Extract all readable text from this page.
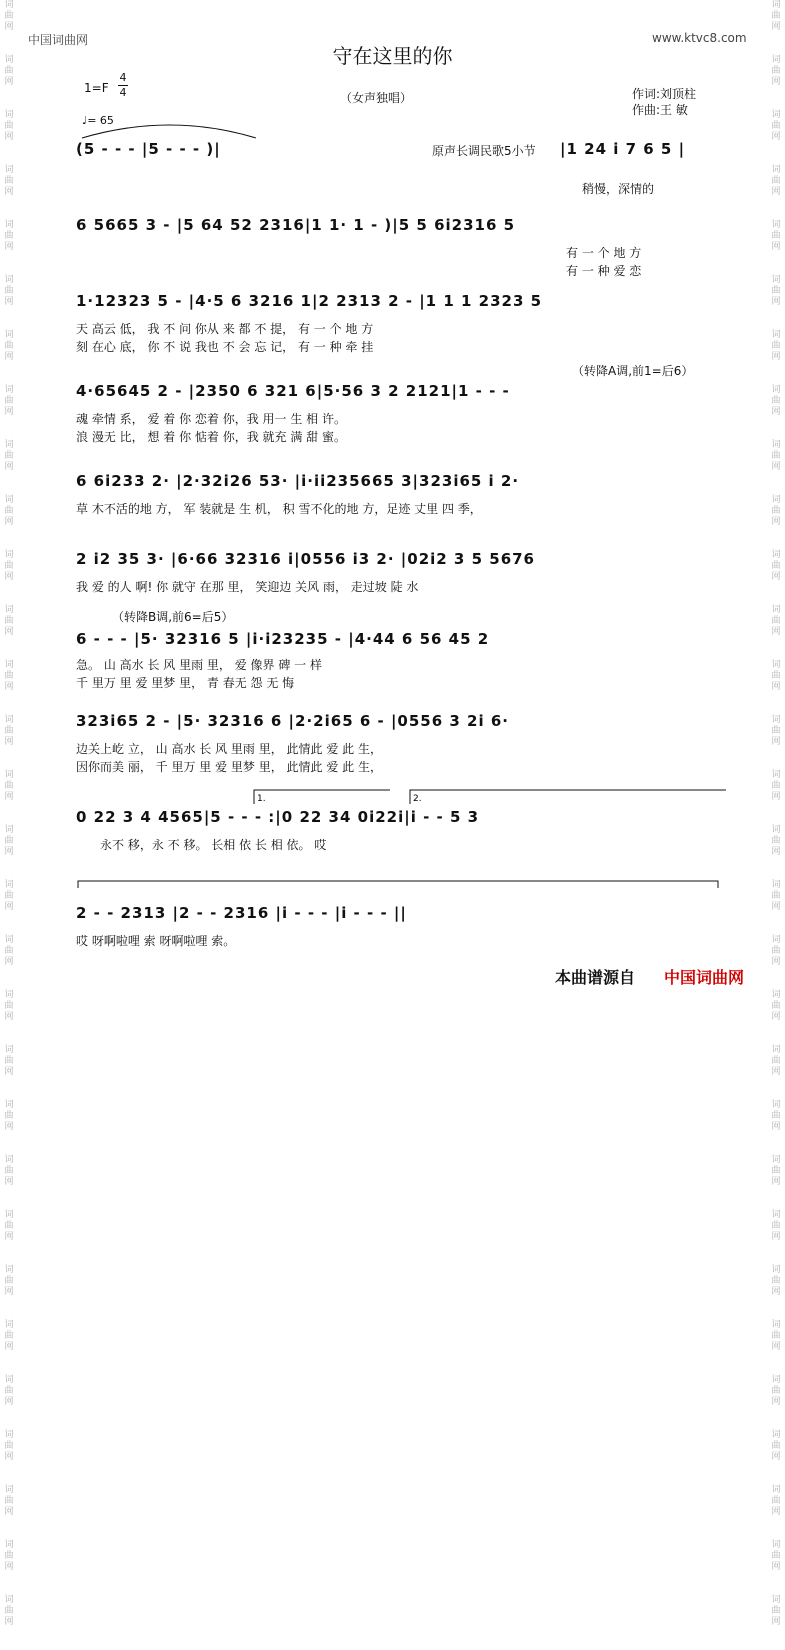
词
曲
网
词
曲
网
词
曲
网
词
曲
网
词
曲
网
词
曲
网
词
曲
网
词
曲
网
词
曲
网
词
曲
网
词
曲
网
词
曲
网
词
曲
网
词
曲
网
词
曲
网
词
曲
网
词
曲
网
词
曲
网
词
曲
网
词
曲
网
词
曲
网
词
曲
网
词
曲
网
词
曲
网
词
曲
网
词
曲
网
词
曲
网
词
曲
网
词
曲
网
词
曲
网
词
曲
网
词
曲
网
词
曲
网
词
曲
网
词
曲
网
词
曲
网
词
曲
网
词
曲
网
词
曲
网
词
曲
网
词
曲
网
词
曲
网
词
曲
网
词
曲
网
词
曲
网
词
曲
网
词
曲
网
词
曲
网
词
曲
网
词
曲
网
词
曲
网
词
曲
网
词
曲
网
词
曲
网
词
曲
网
词
曲
网
词
曲
网
词
曲
网
词
曲
网
词
曲
网
中国词曲网	www.ktvc8.com
守在这里的你
1=F
4
4
♩= 65
（女声独唱）	作词:刘顶柱
作曲:王 敏
(5 - - - |5 - - - )|	原声长调民歌5小节 |1 24 i 7 6 5 |
稍慢，深情的
6 5665 3 - |5 64 52 2316|1 1· 1 - )|5 5 6i2316 5
有 一 个 地 方
有 一 种 爱 恋
1·12323 5 - |4·5 6 3216 1|2 2313 2 - |1 1 1 2323 5
天 高云 低， 我 不 问 你从 来 都 不 提， 有 一 个 地 方
刻 在心 底， 你 不 说 我也 不 会 忘 记， 有 一 种 牵 挂
（转降A调,前1=后6）
4·65645 2 - |2350 6 321 6|5·56 3 2 2121|1 - - -
魂 牵情 系， 爱 着 你 恋着 你，我 用一 生 相 许。
浪 漫无 比， 想 着 你 惦着 你，我 就充 满 甜 蜜。
6 6i233 2· |2·32i26 53· |i·ii235665 3|323i65 i 2·
草 木不活的地 方， 军 装就是 生 机， 积 雪不化的地 方，足迹 丈里 四 季，
2 i2 35 3· |6·66 32316 i|0556 i3 2· |02i2 3 5 5676
我 爱 的人 啊! 你 就守 在那 里， 笑迎边 关风 雨， 走过坡 陡 水
（转降B调,前6=后5）
6 - - - |5· 32316 5 |i·i23235 - |4·44 6 56 45 2
急。 山 高水 长 风 里雨 里， 爱 像界 碑 一 样
千 里万 里 爱 里梦 里， 青 春无 怨 无 悔
323i65 2 - |5· 32316 6 |2·2i65 6 - |0556 3 2i 6·
边关上屹 立， 山 高水 长 风 里雨 里， 此情此 爱 此 生，
因你而美 丽， 千 里万 里 爱 里梦 里， 此情此 爱 此 生，
1.	2.
0 22 3 4 4565|5 - - - :|0 22 34 0i22i|i - - 5 3
永不 移，永 不 移。 长相 依 长 相 依。 哎
2 - - 2313 |2 - - 2316 |i - - - |i - - - ||
哎 呀啊啦哩 索 呀啊啦哩 索。
本曲谱源自 中国词曲网
